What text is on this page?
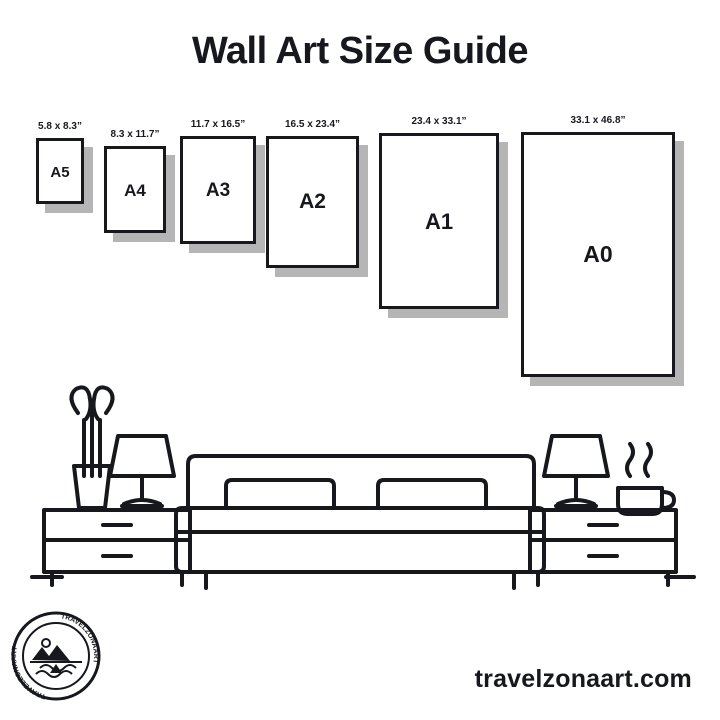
Wall Art Size Guide
5.8 x 8.3”
A5
8.3 x 11.7”
A4
11.7 x 16.5”
A3
16.5 x 23.4”
A2
23.4 x 33.1”
A1
33.1 x 46.8”
A0
TRAVELZONAART
TRAVELZONAART
travelzonaart.com
